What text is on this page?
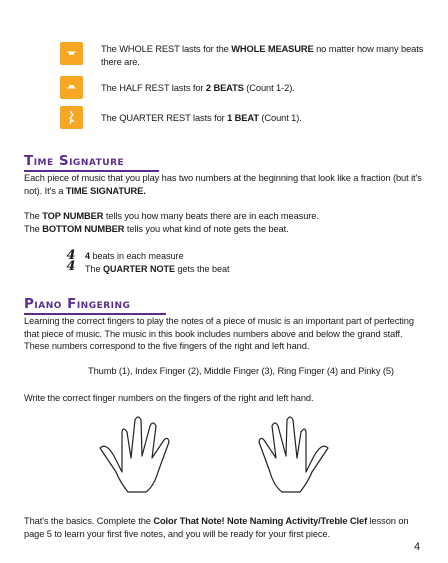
The WHOLE REST lasts for the WHOLE MEASURE no matter how many beats there are.
The HALF REST lasts for 2 BEATS (Count 1-2).
The QUARTER REST lasts for 1 BEAT (Count 1).
Time Signature
Each piece of music that you play has two numbers at the beginning that look like a fraction (but it's not). It's a TIME SIGNATURE.
The TOP NUMBER tells you how many beats there are in each measure.
The BOTTOM NUMBER tells you what kind of note gets the beat.
4
4
4 beats in each measure
The QUARTER NOTE gets the beat
Piano Fingering
Learning the correct fingers to play the notes of a piece of music is an important part of perfecting that piece of music. The music in this book includes numbers above and below the grand staff. These numbers correspond to the five fingers of the right and left hand.
Thumb (1), Index Finger (2), Middle Finger (3), Ring Finger (4) and Pinky (5)
Write the correct finger numbers on the fingers of the right and left hand.
That's the basics. Complete the Color That Note! Note Naming Activity/Treble Clef lesson on page 5 to learn your first five notes, and you will be ready for your first piece.
4
